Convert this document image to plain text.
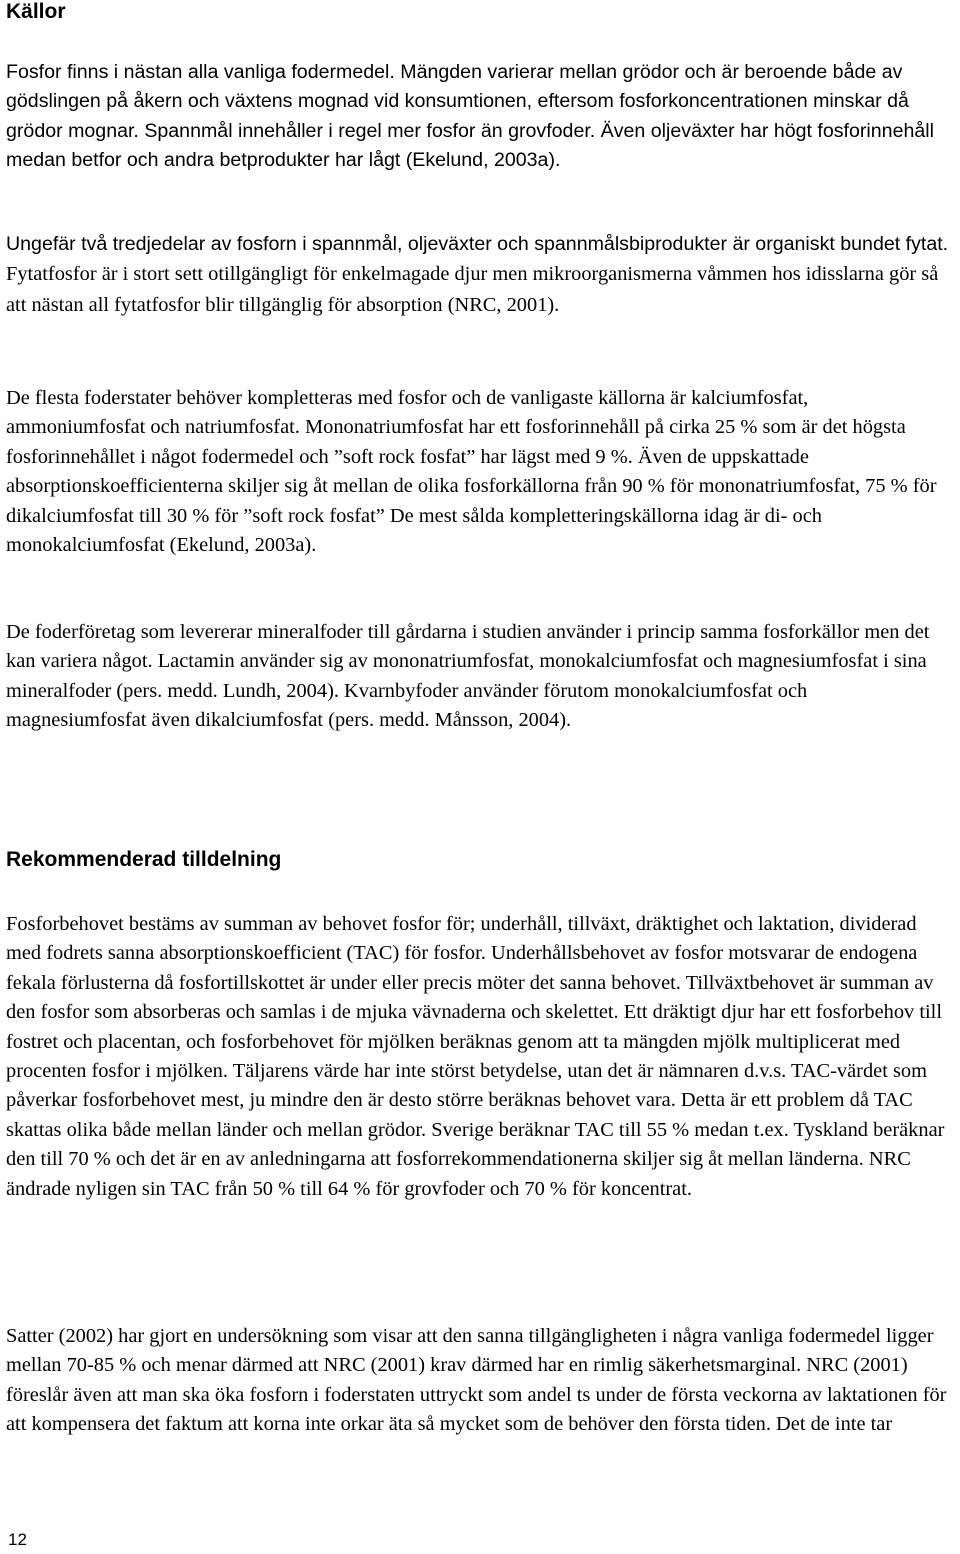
Källor

Fosfor finns i nästan alla vanliga fodermedel. Mängden varierar mellan grödor och är beroende både av gödslingen på åkern och växtens mognad vid konsumtionen, eftersom fosforkoncentrationen minskar då grödor mognar. Spannmål innehåller i regel mer fosfor än grovfoder. Även oljeväxter har högt fosforinnehåll medan betfor och andra betprodukter har lågt (Ekelund, 2003a).

Ungefär två tredjedelar av fosforn i spannmål, oljeväxter och spannmålsbiprodukter är organiskt bundet fytat. Fytatfosfor är i stort sett otillgängligt för enkelmagade djur men mikroorganismerna våmmen hos idisslarna gör så att nästan all fytatfosfor blir tillgänglig för absorption (NRC, 2001).

De flesta foderstater behöver kompletteras med fosfor och de vanligaste källorna är kalciumfosfat, ammoniumfosfat och natriumfosfat. Mononatriumfosfat har ett fosforinnehåll på cirka 25 % som är det högsta fosforinnehållet i något fodermedel och ”soft rock fosfat” har lägst med 9 %. Även de uppskattade absorptionskoefficienterna skiljer sig åt mellan de olika fosforkällorna från 90 % för mononatriumfosfat, 75 % för dikalciumfosfat till 30 % för ”soft rock fosfat” De mest sålda kompletteringskällorna idag är di- och monokalciumfosfat (Ekelund, 2003a).

De foderföretag som levererar mineralfoder till gårdarna i studien använder i princip samma fosforkällor men det kan variera något. Lactamin använder sig av mononatriumfosfat, monokalciumfosfat och magnesiumfosfat i sina mineralfoder (pers. medd. Lundh, 2004). Kvarnbyfoder använder förutom monokalciumfosfat och magnesiumfosfat även dikalciumfosfat (pers. medd. Månsson, 2004).

Rekommenderad tilldelning

Fosforbehovet bestäms av summan av behovet fosfor för; underhåll, tillväxt, dräktighet och laktation, dividerad med fodrets sanna absorptionskoefficient (TAC) för fosfor. Underhållsbehovet av fosfor motsvarar de endogena fekala förlusterna då fosfortillskottet är under eller precis möter det sanna behovet. Tillväxtbehovet är summan av den fosfor som absorberas och samlas i de mjuka vävnaderna och skelettet. Ett dräktigt djur har ett fosforbehov till fostret och placentan, och fosforbehovet för mjölken beräknas genom att ta mängden mjölk multiplicerat med procenten fosfor i mjölken. Täljarens värde har inte störst betydelse, utan det är nämnaren d.v.s. TAC-värdet som påverkar fosforbehovet mest, ju mindre den är desto större beräknas behovet vara. Detta är ett problem då TAC skattas olika både mellan länder och mellan grödor. Sverige beräknar TAC till 55 % medan t.ex. Tyskland beräknar den till 70 % och det är en av anledningarna att fosforrekommendationerna skiljer sig åt mellan länderna. NRC ändrade nyligen sin TAC från 50 % till 64 % för grovfoder och 70 % för koncentrat.

Satter (2002) har gjort en undersökning som visar att den sanna tillgängligheten i några vanliga fodermedel ligger mellan 70-85 % och menar därmed att NRC (2001) krav därmed har en rimlig säkerhetsmarginal. NRC (2001) föreslår även att man ska öka fosforn i foderstaten uttryckt som andel ts under de första veckorna av laktationen för att kompensera det faktum att korna inte orkar äta så mycket som de behöver den första tiden. Det de inte tar

12
